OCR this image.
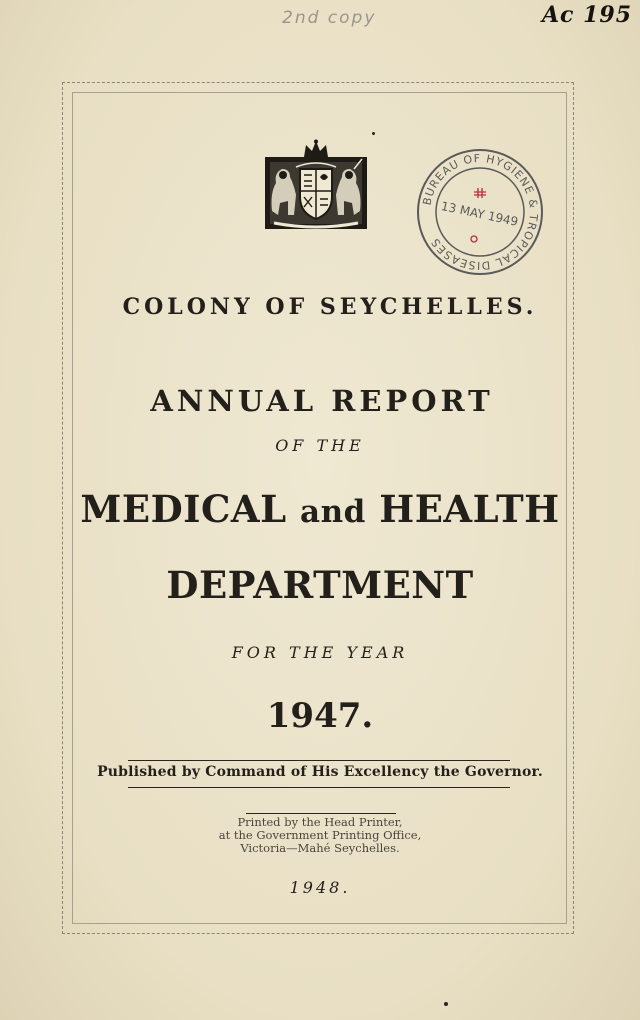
2nd copy	Ac 195
BUREAU OF HYGIENE & TROPICAL DISEASES
13 MAY 1949
COLONY OF SEYCHELLES.
ANNUAL REPORT
OF THE
MEDICAL and HEALTH
DEPARTMENT
FOR THE YEAR
1947.
Published by Command of His Excellency the Governor.
Printed by the Head Printer,
at the Government Printing Office,
Victoria—Mahé Seychelles.
1948.
